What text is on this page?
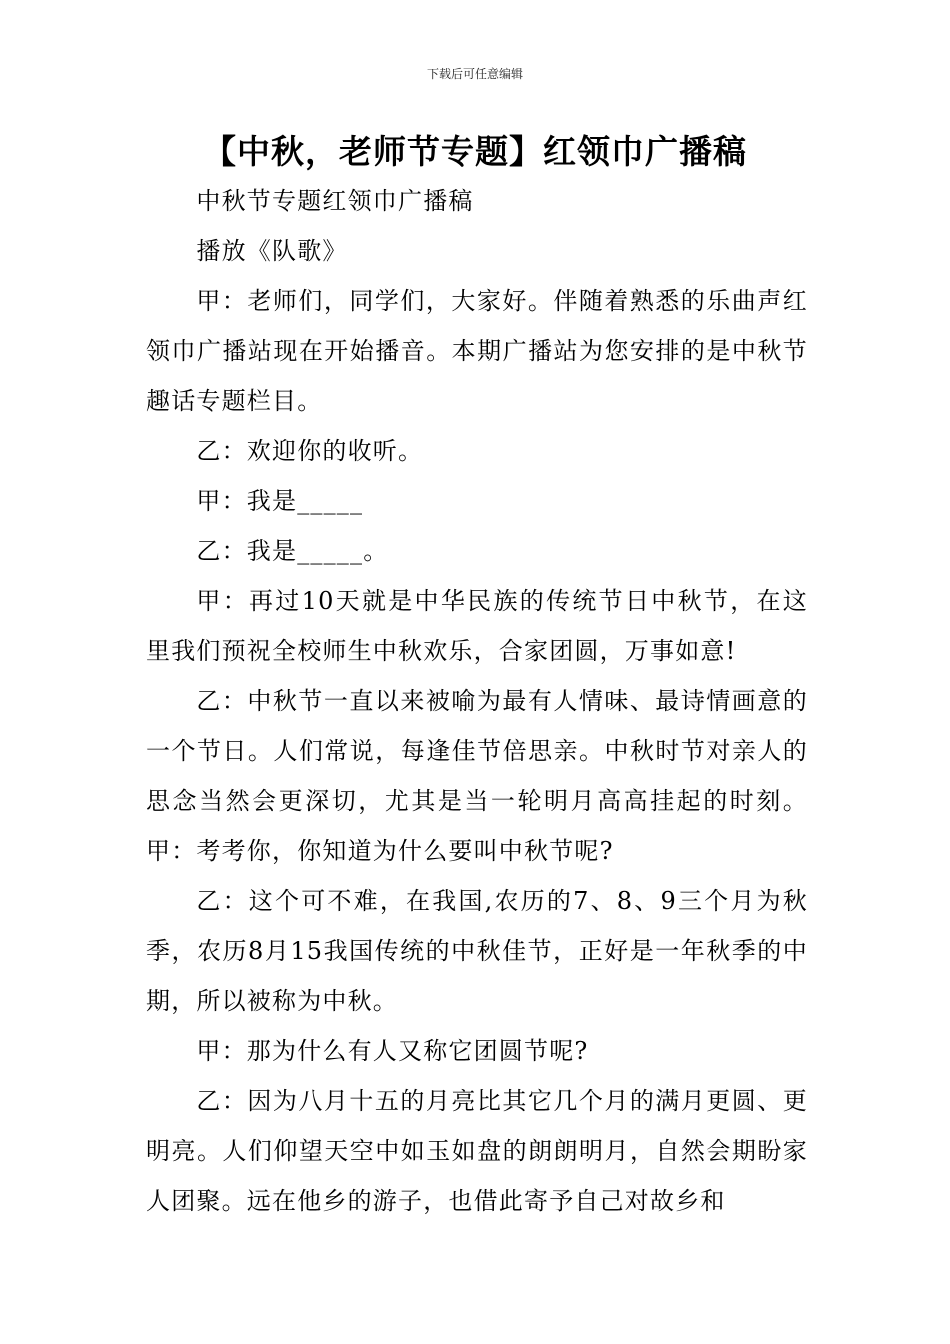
下载后可任意编辑
【中秋，老师节专题】红领巾广播稿

中秋节专题红领巾广播稿

播放《队歌》

甲：老师们，同学们，大家好。伴随着熟悉的乐曲声红领巾广播站现在开始播音。本期广播站为您安排的是中秋节趣话专题栏目。

乙：欢迎你的收听。

甲：我是_____

乙：我是_____。

甲：再过10天就是中华民族的传统节日中秋节，在这里我们预祝全校师生中秋欢乐，合家团圆，万事如意!

乙：中秋节一直以来被喻为最有人情味、最诗情画意的一个节日。人们常说，每逢佳节倍思亲。中秋时节对亲人的思念当然会更深切，尤其是当一轮明月高高挂起的时刻。甲：考考你，你知道为什么要叫中秋节呢?

乙：这个可不难，在我国,农历的7、8、9三个月为秋季，农历8月15我国传统的中秋佳节，正好是一年秋季的中期，所以被称为中秋。

甲：那为什么有人又称它团圆节呢?

乙：因为八月十五的月亮比其它几个月的满月更圆、更明亮。人们仰望天空中如玉如盘的朗朗明月，自然会期盼家人团聚。远在他乡的游子，也借此寄予自己对故乡和
